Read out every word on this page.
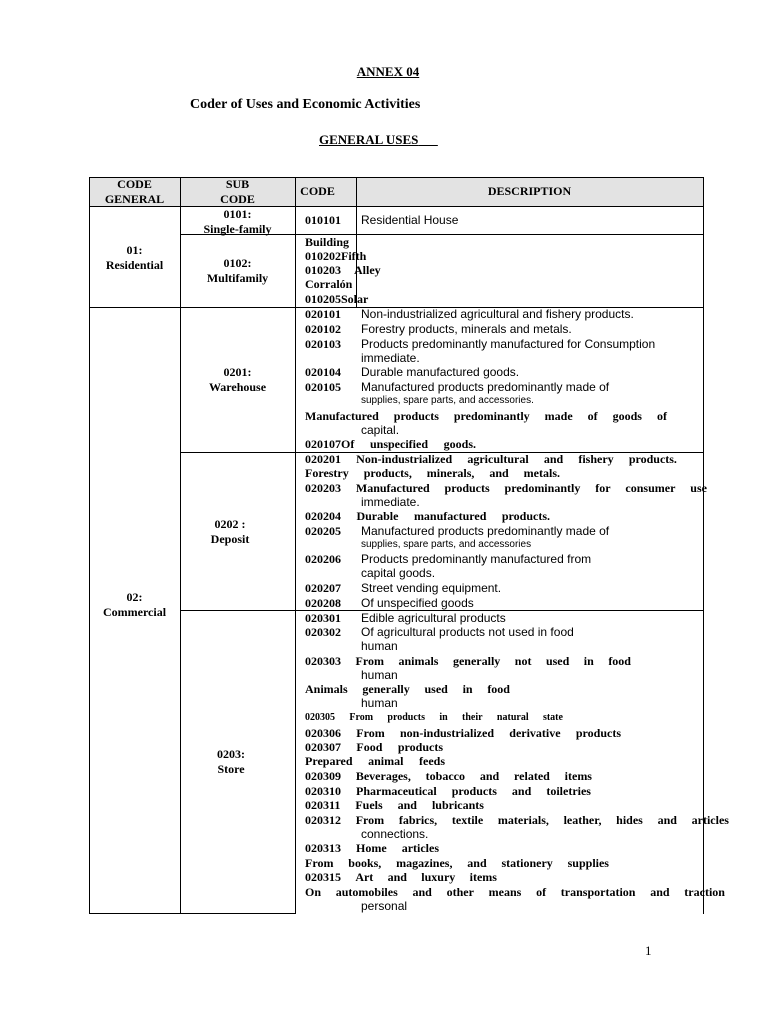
ANNEX 04
Coder of Uses and Economic Activities
GENERAL USES
CODE
GENERAL
SUB
CODE
CODE	DESCRIPTION
01:
Residential
02:
Commercial
0101:
Single-family
0102:
Multifamily
0201:
Warehouse
0202 :
Deposit
0203:
Store
010101 Residential House
Building
010202Fifth
010203 Alley
Corralón
010205Solar
020101 Non-industrialized agricultural and fishery products.
020102 Forestry products, minerals and metals.
020103 Products predominantly manufactured for Consumption
immediate.
020104 Durable manufactured goods.
020105 Manufactured products predominantly made of
supplies, spare parts, and accessories.
Manufactured products predominantly made of goods of
capital.
020107Of unspecified goods.
020201 Non-industrialized agricultural and fishery products.
Forestry products, minerals, and metals.
020203 Manufactured products predominantly for consumer use
immediate.
020204 Durable manufactured products.
020205 Manufactured products predominantly made of
supplies, spare parts, and accessories
020206 Products predominantly manufactured from
capital goods.
020207 Street vending equipment.
020208 Of unspecified goods
020301 Edible agricultural products
020302 Of agricultural products not used in food
human
020303 From animals generally not used in food
human
Animals generally used in food
human
020305 From products in their natural state
020306 From non-industrialized derivative products
020307 Food products
Prepared animal feeds
020309 Beverages, tobacco and related items
020310 Pharmaceutical products and toiletries
020311 Fuels and lubricants
020312 From fabrics, textile materials, leather, hides and articles
connections.
020313 Home articles
From books, magazines, and stationery supplies
020315 Art and luxury items
On automobiles and other means of transportation and traction
personal
1
